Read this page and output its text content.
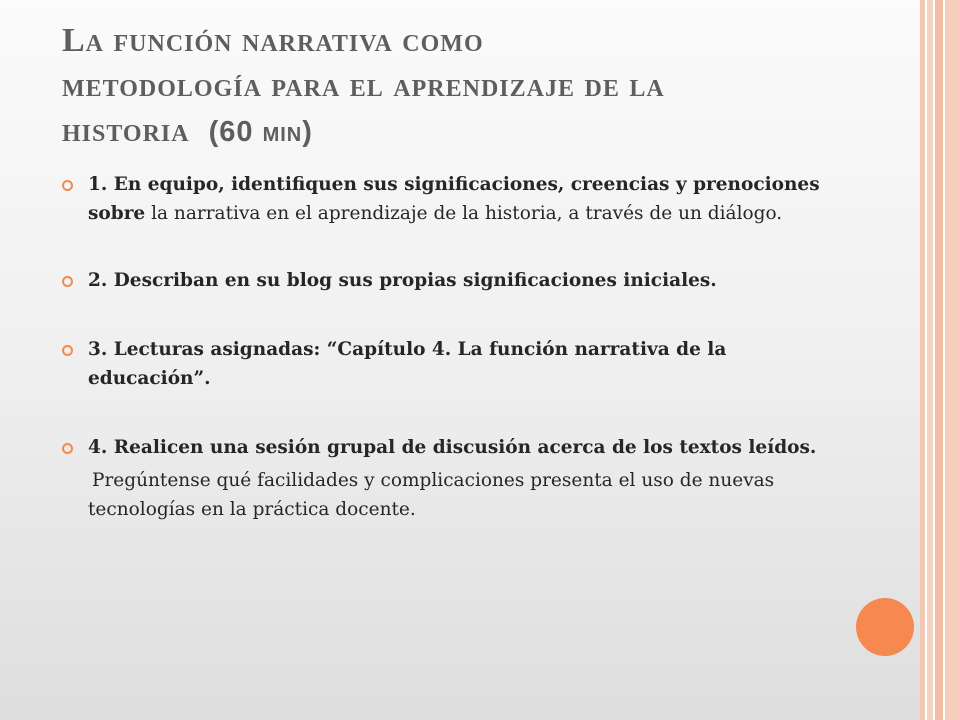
La función narrativa como
metodología para el aprendizaje de la
historia (60 min)
1. En equipo, identifiquen sus significaciones, creencias y prenociones sobre la narrativa en el aprendizaje de la historia, a través de un diálogo.
2. Describan en su blog sus propias significaciones iniciales.
3. Lecturas asignadas: “Capítulo 4. La función narrativa de la educación”.
4. Realicen una sesión grupal de discusión acerca de los textos leídos.
Pregúntense qué facilidades y complicaciones presenta el uso de nuevas tecnologías en la práctica docente.
